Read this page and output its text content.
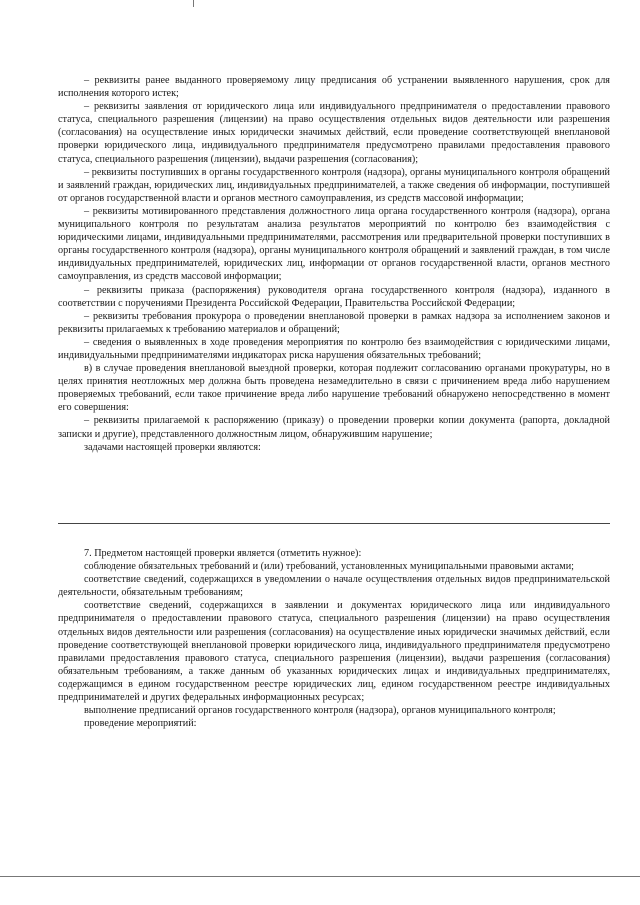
– реквизиты ранее выданного проверяемому лицу предписания об устранении выявленного нарушения, срок для исполнения которого истек;

– реквизиты заявления от юридического лица или индивидуального предпринимателя о предоставлении правового статуса, специального разрешения (лицензии) на право осуществления отдельных видов деятельности или разрешения (согласования) на осуществление иных юридически значимых действий, если проведение соответствующей внеплановой проверки юридического лица, индивидуального предпринимателя предусмотрено правилами предоставления правового статуса, специального разрешения (лицензии), выдачи разрешения (согласования);

– реквизиты поступивших в органы государственного контроля (надзора), органы муниципального контроля обращений и заявлений граждан, юридических лиц, индивидуальных предпринимателей, а также сведения об информации, поступившей от органов государственной власти и органов местного самоуправления, из средств массовой информации;

– реквизиты мотивированного представления должностного лица органа государственного контроля (надзора), органа муниципального контроля по результатам анализа результатов мероприятий по контролю без взаимодействия с юридическими лицами, индивидуальными предпринимателями, рассмотрения или предварительной проверки поступивших в органы государственного контроля (надзора), органы муниципального контроля обращений и заявлений граждан, в том числе индивидуальных предпринимателей, юридических лиц, информации от органов государственной власти, органов местного самоуправления, из средств массовой информации;

– реквизиты приказа (распоряжения) руководителя органа государственного контроля (надзора), изданного в соответствии с поручениями Президента Российской Федерации, Правительства Российской Федерации;

– реквизиты требования прокурора о проведении внеплановой проверки в рамках надзора за исполнением законов и реквизиты прилагаемых к требованию материалов и обращений;

– сведения о выявленных в ходе проведения мероприятия по контролю без взаимодействия с юридическими лицами, индивидуальными предпринимателями индикаторах риска нарушения обязательных требований;

в) в случае проведения внеплановой выездной проверки, которая подлежит согласованию органами прокуратуры, но в целях принятия неотложных мер должна быть проведена незамедлительно в связи с причинением вреда либо нарушением проверяемых требований, если такое причинение вреда либо нарушение требований обнаружено непосредственно в момент его совершения:

– реквизиты прилагаемой к распоряжению (приказу) о проведении проверки копии документа (рапорта, докладной записки и другие), представленного должностным лицом, обнаружившим нарушение;

задачами настоящей проверки являются:

7. Предметом настоящей проверки является (отметить нужное):

соблюдение обязательных требований и (или) требований, установленных муниципальными правовыми актами;

соответствие сведений, содержащихся в уведомлении о начале осуществления отдельных видов предпринимательской деятельности, обязательным требованиям;

соответствие сведений, содержащихся в заявлении и документах юридического лица или индивидуального предпринимателя о предоставлении правового статуса, специального разрешения (лицензии) на право осуществления отдельных видов деятельности или разрешения (согласования) на осуществление иных юридически значимых действий, если проведение соответствующей внеплановой проверки юридического лица, индивидуального предпринимателя предусмотрено правилами предоставления правового статуса, специального разрешения (лицензии), выдачи разрешения (согласования) обязательным требованиям, а также данным об указанных юридических лицах и индивидуальных предпринимателях, содержащимся в едином государственном реестре юридических лиц, едином государственном реестре индивидуальных предпринимателей и других федеральных информационных ресурсах;

выполнение предписаний органов государственного контроля (надзора), органов муниципального контроля;

проведение мероприятий:
